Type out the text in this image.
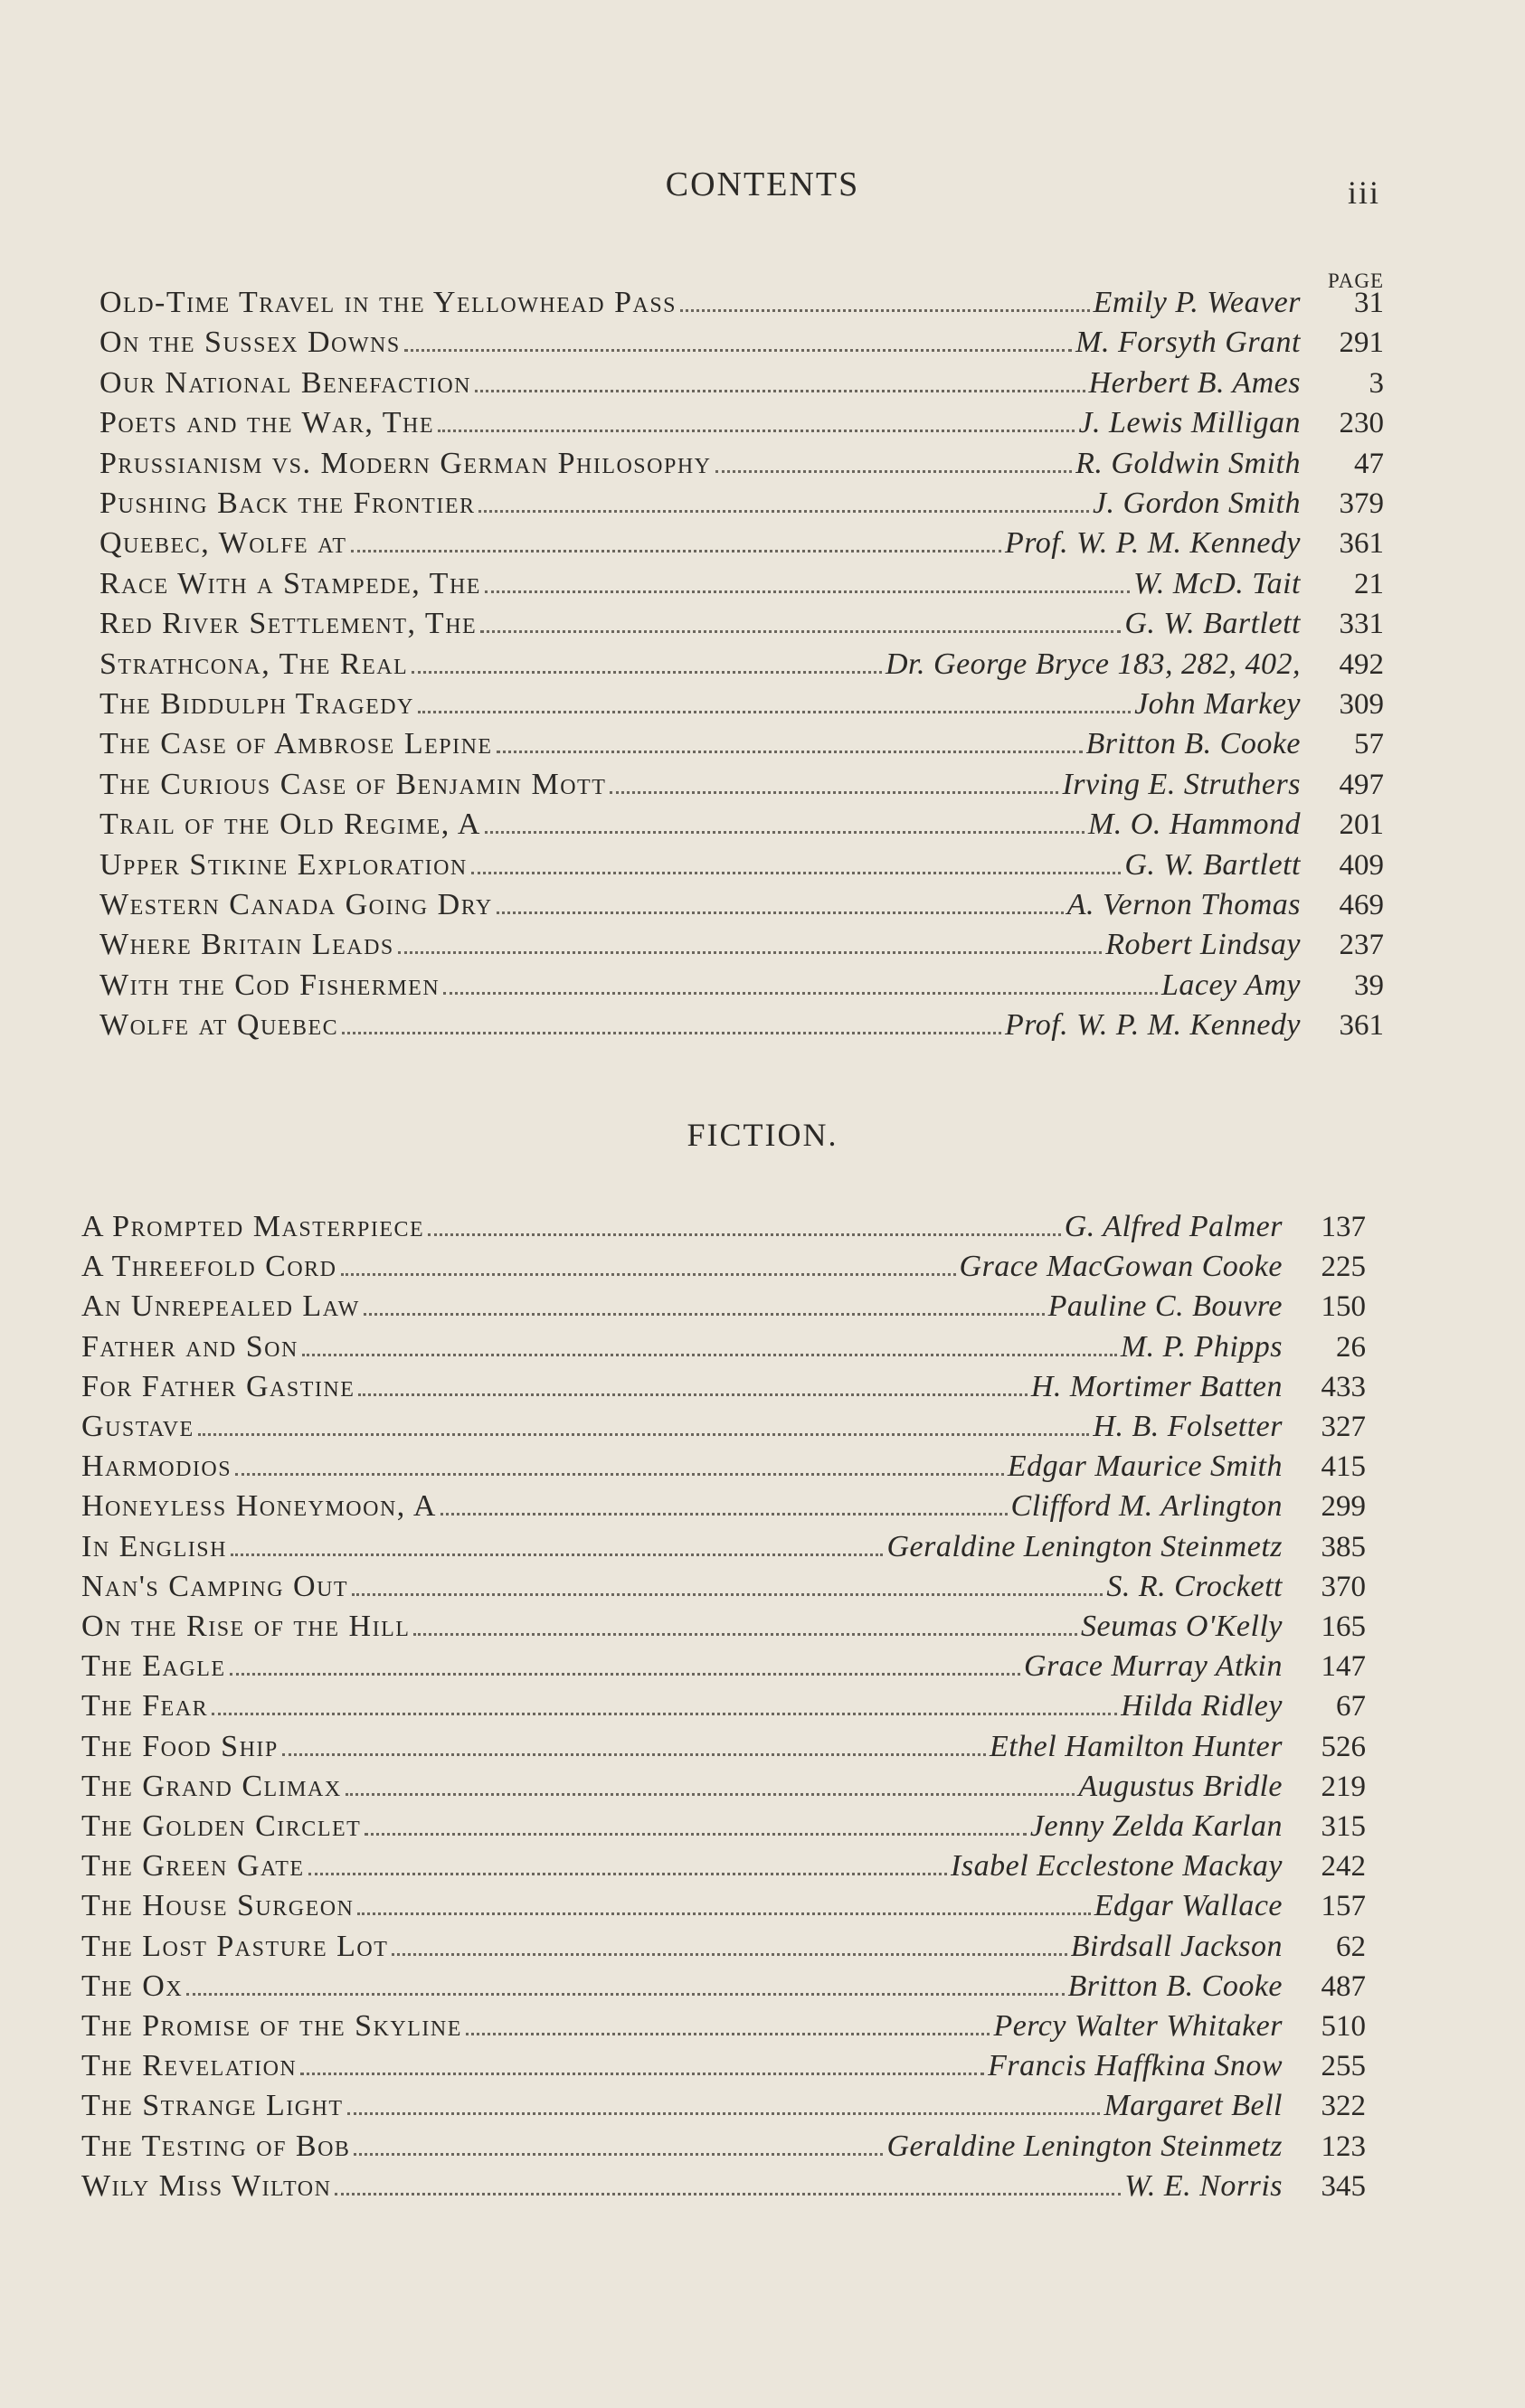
CONTENTS	iii
PAGE
Old-Time Travel in the Yellowhead Pass	Emily P. Weaver	31
On the Sussex Downs	M. Forsyth Grant	291
Our National Benefaction	Herbert B. Ames	3
Poets and the War, The	J. Lewis Milligan	230
Prussianism vs. Modern German Philosophy	R. Goldwin Smith	47
Pushing Back the Frontier	J. Gordon Smith	379
Quebec, Wolfe at	Prof. W. P. M. Kennedy	361
Race With a Stampede, The	W. McD. Tait	21
Red River Settlement, The	G. W. Bartlett	331
Strathcona, The Real	Dr. George Bryce 183, 282, 402,	492
The Biddulph Tragedy	John Markey	309
The Case of Ambrose Lepine	Britton B. Cooke	57
The Curious Case of Benjamin Mott	Irving E. Struthers	497
Trail of the Old Regime, A	M. O. Hammond	201
Upper Stikine Exploration	G. W. Bartlett	409
Western Canada Going Dry	A. Vernon Thomas	469
Where Britain Leads	Robert Lindsay	237
With the Cod Fishermen	Lacey Amy	39
Wolfe at Quebec	Prof. W. P. M. Kennedy	361
FICTION.
A Prompted Masterpiece	G. Alfred Palmer	137
A Threefold Cord	Grace MacGowan Cooke	225
An Unrepealed Law	Pauline C. Bouvre	150
Father and Son	M. P. Phipps	26
For Father Gastine	H. Mortimer Batten	433
Gustave	H. B. Folsetter	327
Harmodios	Edgar Maurice Smith	415
Honeyless Honeymoon, A	Clifford M. Arlington	299
In English	Geraldine Lenington Steinmetz	385
Nan's Camping Out	S. R. Crockett	370
On the Rise of the Hill	Seumas O'Kelly	165
The Eagle	Grace Murray Atkin	147
The Fear	Hilda Ridley	67
The Food Ship	Ethel Hamilton Hunter	526
The Grand Climax	Augustus Bridle	219
The Golden Circlet	Jenny Zelda Karlan	315
The Green Gate	Isabel Ecclestone Mackay	242
The House Surgeon	Edgar Wallace	157
The Lost Pasture Lot	Birdsall Jackson	62
The Ox	Britton B. Cooke	487
The Promise of the Skyline	Percy Walter Whitaker	510
The Revelation	Francis Haffkina Snow	255
The Strange Light	Margaret Bell	322
The Testing of Bob	Geraldine Lenington Steinmetz	123
Wily Miss Wilton	W. E. Norris	345
